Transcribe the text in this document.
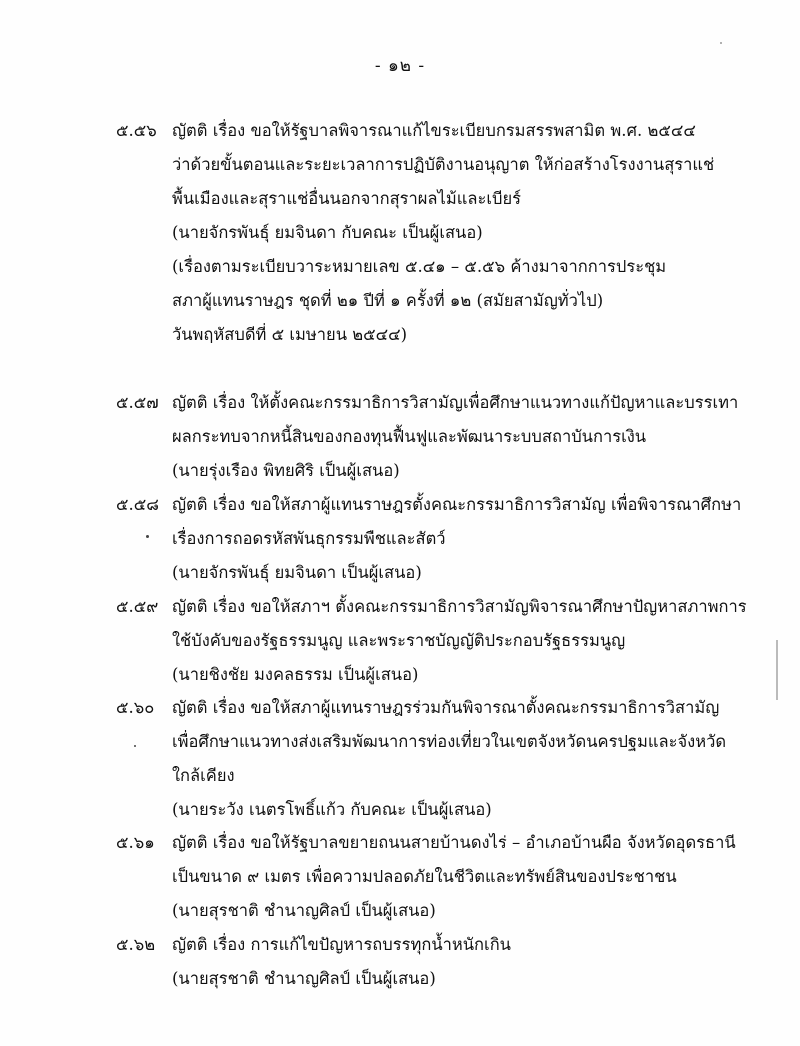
- ๑๒ -
๕.๕๖ ญัตติ เรื่อง ขอให้รัฐบาลพิจารณาแก้ไขระเบียบกรมสรรพสามิต พ.ศ. ๒๕๔๔
ว่าด้วยขั้นตอนและระยะเวลาการปฏิบัติงานอนุญาต ให้ก่อสร้างโรงงานสุราแช่
พื้นเมืองและสุราแช่อื่นนอกจากสุราผลไม้และเบียร์
(นายจักรพันธุ์ ยมจินดา กับคณะ เป็นผู้เสนอ)
(เรื่องตามระเบียบวาระหมายเลข ๕.๔๑ – ๕.๕๖ ค้างมาจากการประชุม
สภาผู้แทนราษฎร ชุดที่ ๒๑ ปีที่ ๑ ครั้งที่ ๑๒ (สมัยสามัญทั่วไป)
วันพฤหัสบดีที่ ๕ เมษายน ๒๕๔๔)
๕.๕๗ ญัตติ เรื่อง ให้ตั้งคณะกรรมาธิการวิสามัญเพื่อศึกษาแนวทางแก้ปัญหาและบรรเทา
ผลกระทบจากหนี้สินของกองทุนฟื้นฟูและพัฒนาระบบสถาบันการเงิน
(นายรุ่งเรือง พิทยศิริ เป็นผู้เสนอ)
๕.๕๘ ญัตติ เรื่อง ขอให้สภาผู้แทนราษฎรตั้งคณะกรรมาธิการวิสามัญ เพื่อพิจารณาศึกษา
เรื่องการถอดรหัสพันธุกรรมพืชและสัตว์
(นายจักรพันธุ์ ยมจินดา เป็นผู้เสนอ)
๕.๕๙ ญัตติ เรื่อง ขอให้สภาฯ ตั้งคณะกรรมาธิการวิสามัญพิจารณาศึกษาปัญหาสภาพการ
ใช้บังคับของรัฐธรรมนูญ และพระราชบัญญัติประกอบรัฐธรรมนูญ
(นายชิงชัย มงคลธรรม เป็นผู้เสนอ)
๕.๖๐	ญัตติ เรื่อง ขอให้สภาผู้แทนราษฎรร่วมกันพิจารณาตั้งคณะกรรมาธิการวิสามัญ
เพื่อศึกษาแนวทางส่งเสริมพัฒนาการท่องเที่ยวในเขตจังหวัดนครปฐมและจังหวัด
ใกล้เคียง
(นายระวัง เนตรโพธิ์แก้ว กับคณะ เป็นผู้เสนอ)
๕.๖๑	ญัตติ เรื่อง ขอให้รัฐบาลขยายถนนสายบ้านดงไร่ – อำเภอบ้านผือ จังหวัดอุดรธานี
เป็นขนาด ๙ เมตร เพื่อความปลอดภัยในชีวิตและทรัพย์สินของประชาชน
(นายสุรชาติ ชำนาญศิลป์ เป็นผู้เสนอ)
๕.๖๒	ญัตติ เรื่อง การแก้ไขปัญหารถบรรทุกน้ำหนักเกิน
(นายสุรชาติ ชำนาญศิลป์ เป็นผู้เสนอ)
